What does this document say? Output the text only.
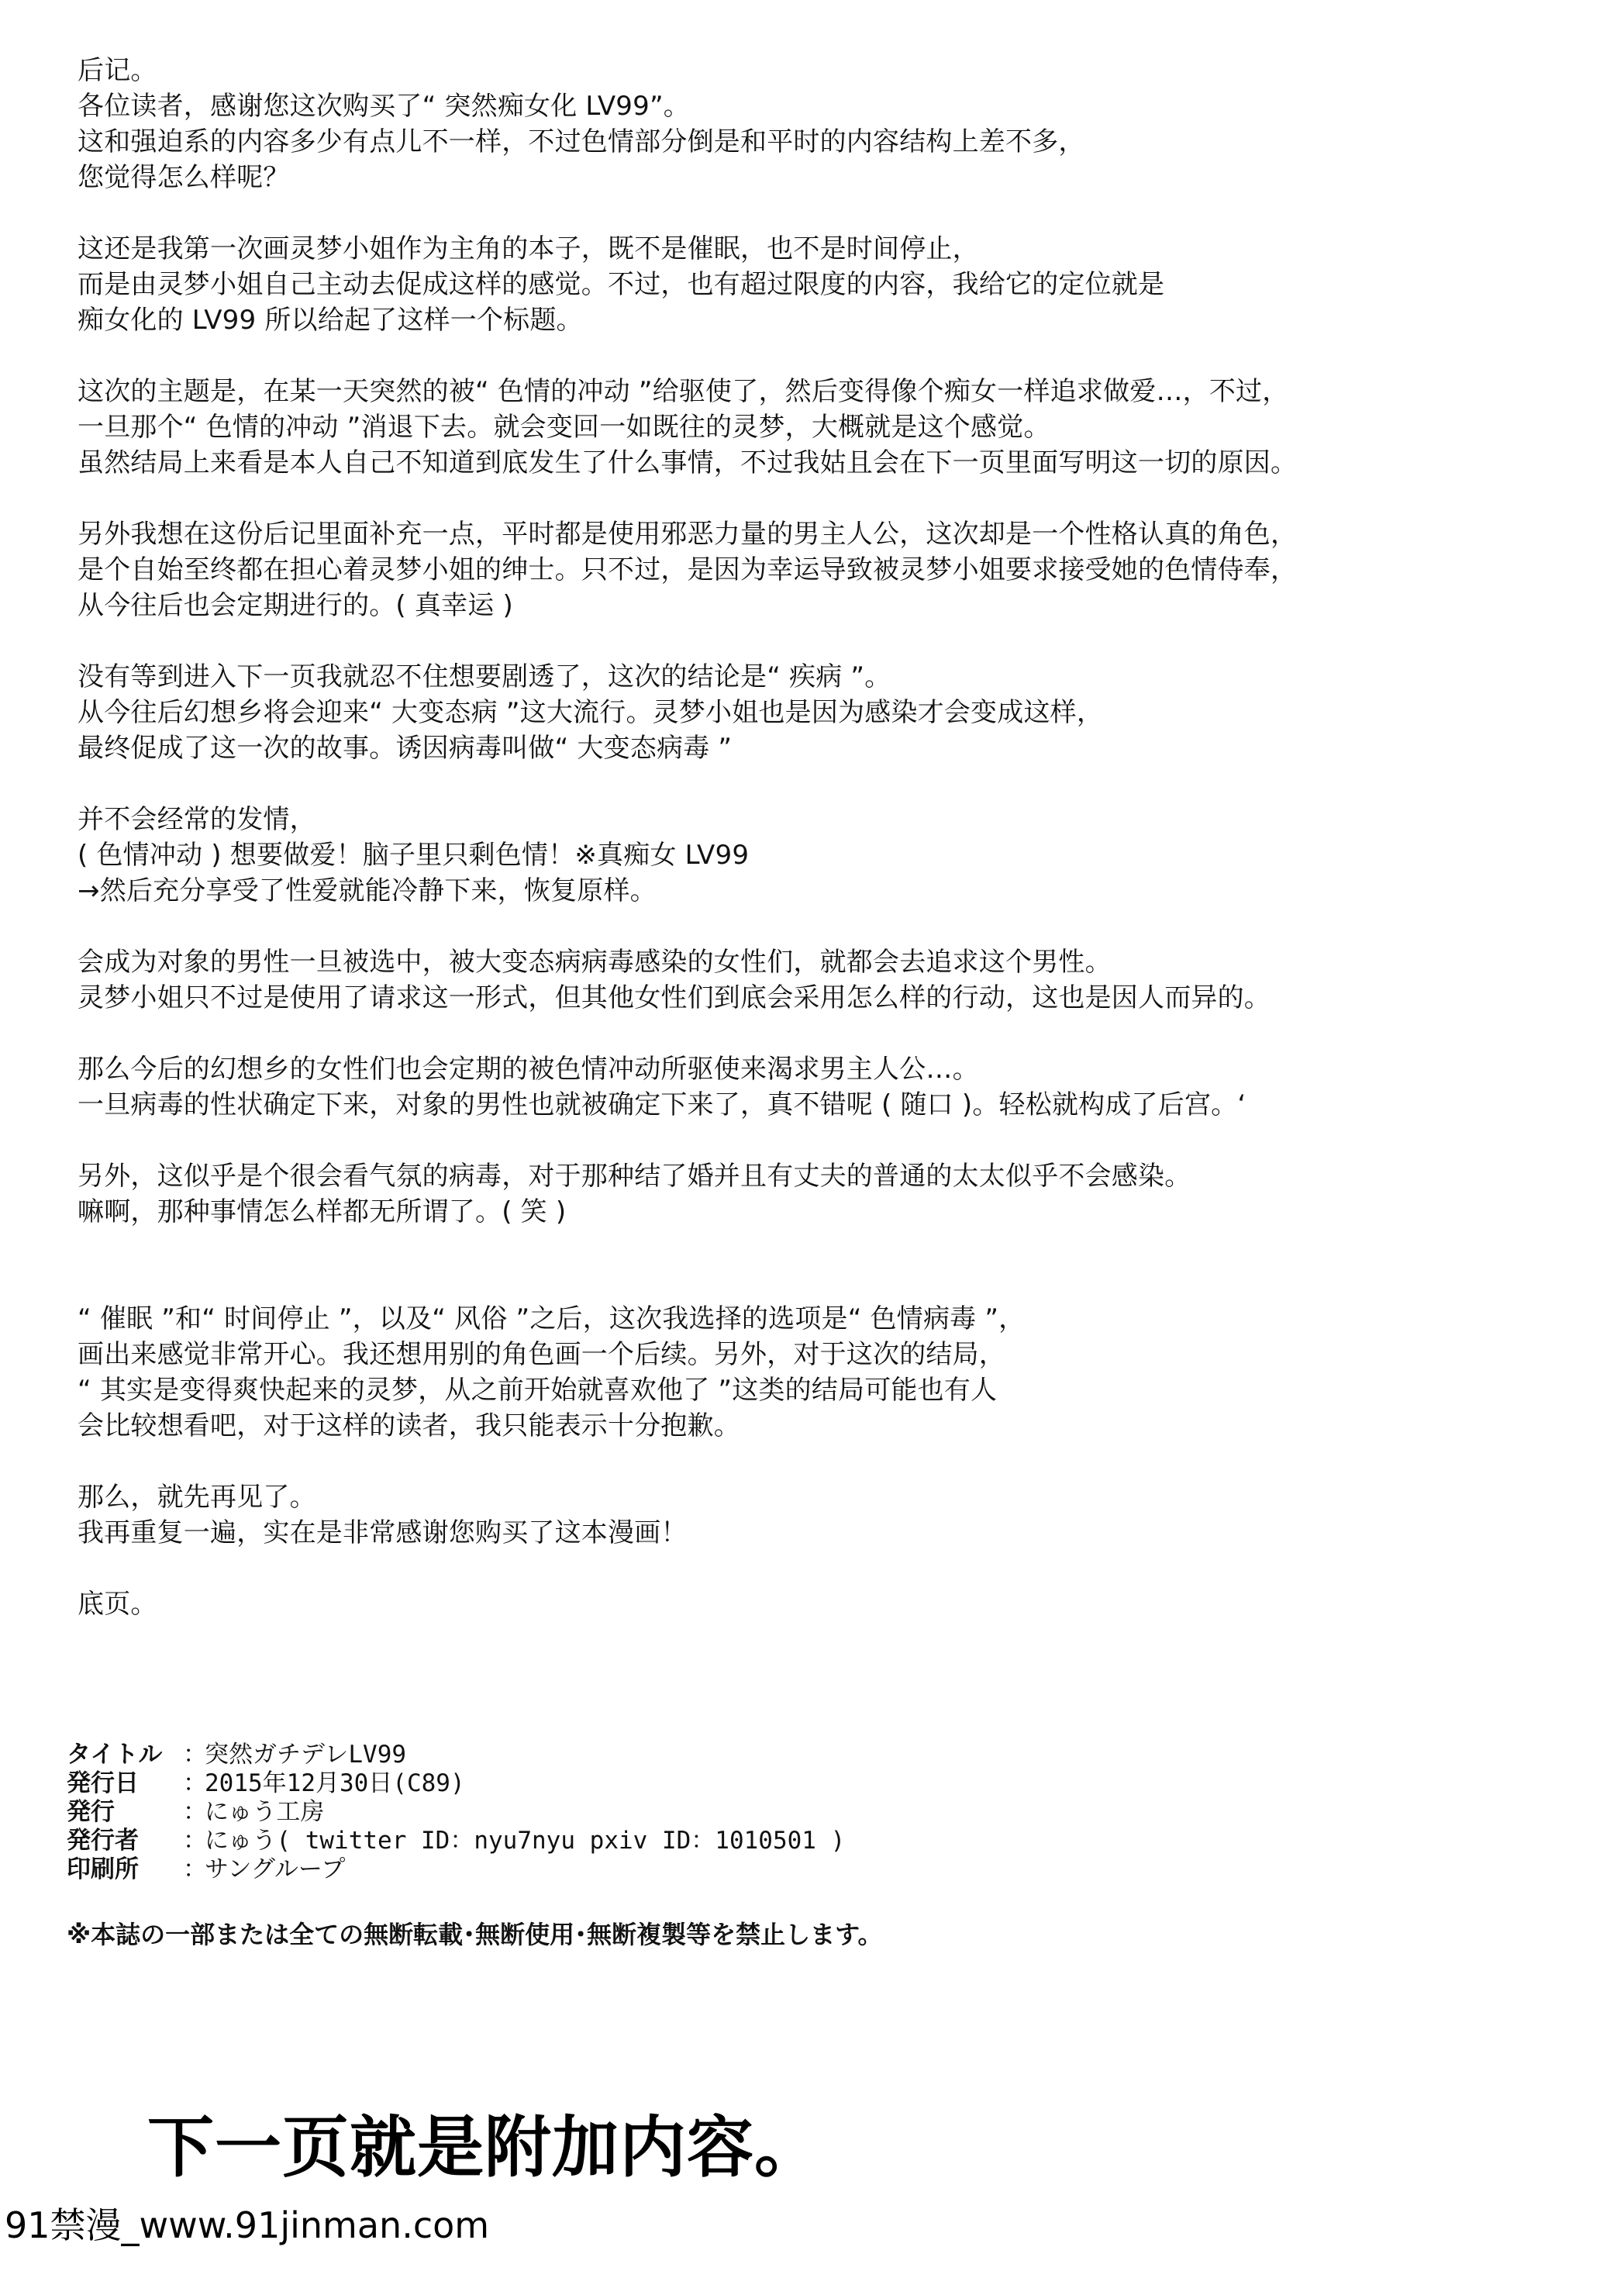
后记。
各位读者，感谢您这次购买了“ 突然痴女化 LV99”。
这和强迫系的内容多少有点儿不一样，不过色情部分倒是和平时的内容结构上差不多，
您觉得怎么样呢？
这还是我第一次画灵梦小姐作为主角的本子，既不是催眠，也不是时间停止，
而是由灵梦小姐自己主动去促成这样的感觉。不过，也有超过限度的内容，我给它的定位就是
痴女化的 LV99 所以给起了这样一个标题。
这次的主题是，在某一天突然的被“ 色情的冲动 ”给驱使了，然后变得像个痴女一样追求做爱…，不过，
一旦那个“ 色情的冲动 ”消退下去。就会变回一如既往的灵梦，大概就是这个感觉。
虽然结局上来看是本人自己不知道到底发生了什么事情，不过我姑且会在下一页里面写明这一切的原因。
另外我想在这份后记里面补充一点，平时都是使用邪恶力量的男主人公，这次却是一个性格认真的角色，
是个自始至终都在担心着灵梦小姐的绅士。只不过，是因为幸运导致被灵梦小姐要求接受她的色情侍奉，
从今往后也会定期进行的。( 真幸运 )
没有等到进入下一页我就忍不住想要剧透了，这次的结论是“ 疾病 ”。
从今往后幻想乡将会迎来“ 大变态病 ”这大流行。灵梦小姐也是因为感染才会变成这样，
最终促成了这一次的故事。诱因病毒叫做“ 大变态病毒 ”
并不会经常的发情，
( 色情冲动 ) 想要做爱！脑子里只剩色情！※真痴女 LV99
→然后充分享受了性爱就能冷静下来，恢复原样。
会成为对象的男性一旦被选中，被大变态病病毒感染的女性们，就都会去追求这个男性。
灵梦小姐只不过是使用了请求这一形式，但其他女性们到底会采用怎么样的行动，这也是因人而异的。
那么今后的幻想乡的女性们也会定期的被色情冲动所驱使来渴求男主人公…。
一旦病毒的性状确定下来，对象的男性也就被确定下来了，真不错呢 ( 随口 )。轻松就构成了后宫。‘
另外，这似乎是个很会看气氛的病毒，对于那种结了婚并且有丈夫的普通的太太似乎不会感染。
嘛啊，那种事情怎么样都无所谓了。( 笑 )
“ 催眠 ”和“ 时间停止 ”，以及“ 风俗 ”之后，这次我选择的选项是“ 色情病毒 ”，
画出来感觉非常开心。我还想用别的角色画一个后续。另外，对于这次的结局，
“ 其实是变得爽快起来的灵梦，从之前开始就喜欢他了 ”这类的结局可能也有人
会比较想看吧，对于这样的读者，我只能表示十分抱歉。
那么，就先再见了。
我再重复一遍，实在是非常感谢您购买了这本漫画！
底页。
タイトル ：突然ガチデレLV99
発行日 ：2015年12月30日(C89)
発行	：にゅう工房
発行者 ：にゅう( twitter ID：nyu7nyu pxiv ID：1010501 )
印刷所 ：サングループ
※本誌の一部または全ての無断転載･無断使用･無断複製等を禁止します。
下一页就是附加内容。
91禁漫_www.91jinman.com
